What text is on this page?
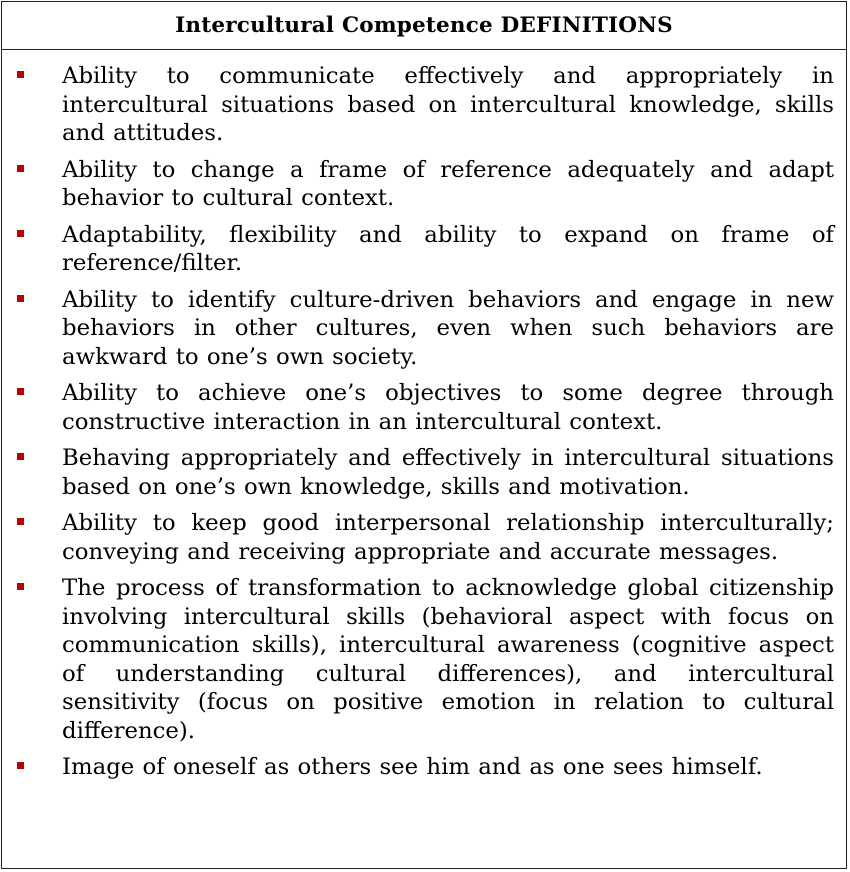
Intercultural Competence DEFINITIONS
Ability to communicate effectively and appropriately in intercultural situations based on intercultural knowledge, skills and attitudes.
Ability to change a frame of reference adequately and adapt behavior to cultural context.
Adaptability, flexibility and ability to expand on frame of reference/filter.
Ability to identify culture-driven behaviors and engage in new behaviors in other cultures, even when such behaviors are awkward to one’s own society.
Ability to achieve one’s objectives to some degree through constructive interaction in an intercultural context.
Behaving appropriately and effectively in intercultural situations based on one’s own knowledge, skills and motivation.
Ability to keep good interpersonal relationship interculturally; conveying and receiving appropriate and accurate messages.
The process of transformation to acknowledge global citizenship involving intercultural skills (behavioral aspect with focus on communication skills), intercultural awareness (cognitive aspect of understanding cultural differences), and intercultural sensitivity (focus on positive emotion in relation to cultural difference).
Image of oneself as others see him and as one sees himself.
